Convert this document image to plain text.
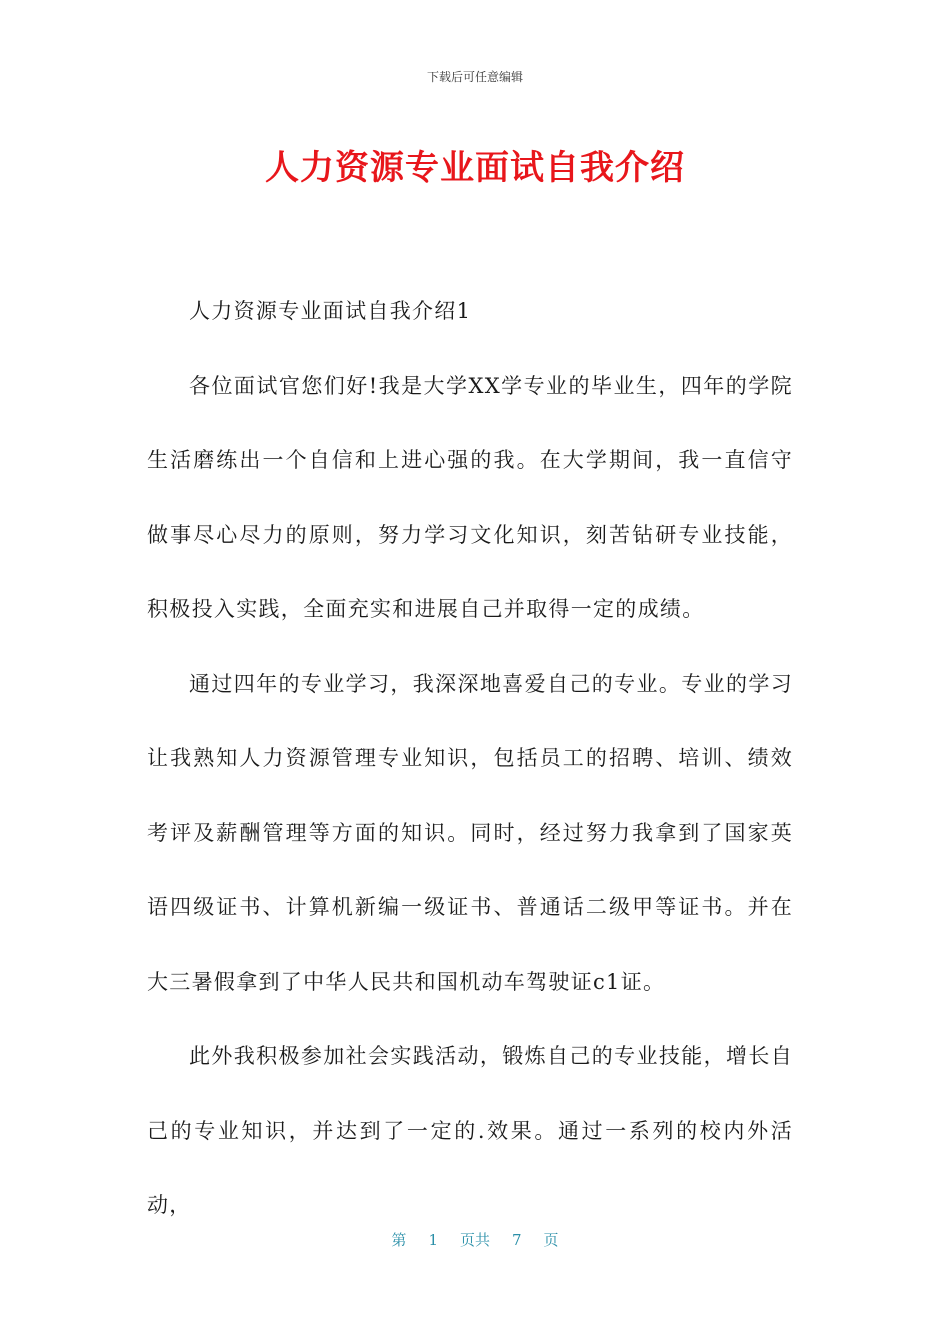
下载后可任意编辑
人力资源专业面试自我介绍

人力资源专业面试自我介绍1

各位面试官您们好!我是大学XX学专业的毕业生，四年的学院生活磨练出一个自信和上进心强的我。在大学期间，我一直信守做事尽心尽力的原则，努力学习文化知识，刻苦钻研专业技能，积极投入实践，全面充实和进展自己并取得一定的成绩。

通过四年的专业学习，我深深地喜爱自己的专业。专业的学习让我熟知人力资源管理专业知识，包括员工的招聘、培训、绩效考评及薪酬管理等方面的知识。同时，经过努力我拿到了国家英语四级证书、计算机新编一级证书、普通话二级甲等证书。并在大三暑假拿到了中华人民共和国机动车驾驶证c1证。

此外我积极参加社会实践活动，锻炼自己的专业技能，增长自己的专业知识，并达到了一定的.效果。通过一系列的校内外活动，

第 1 页共 7 页
